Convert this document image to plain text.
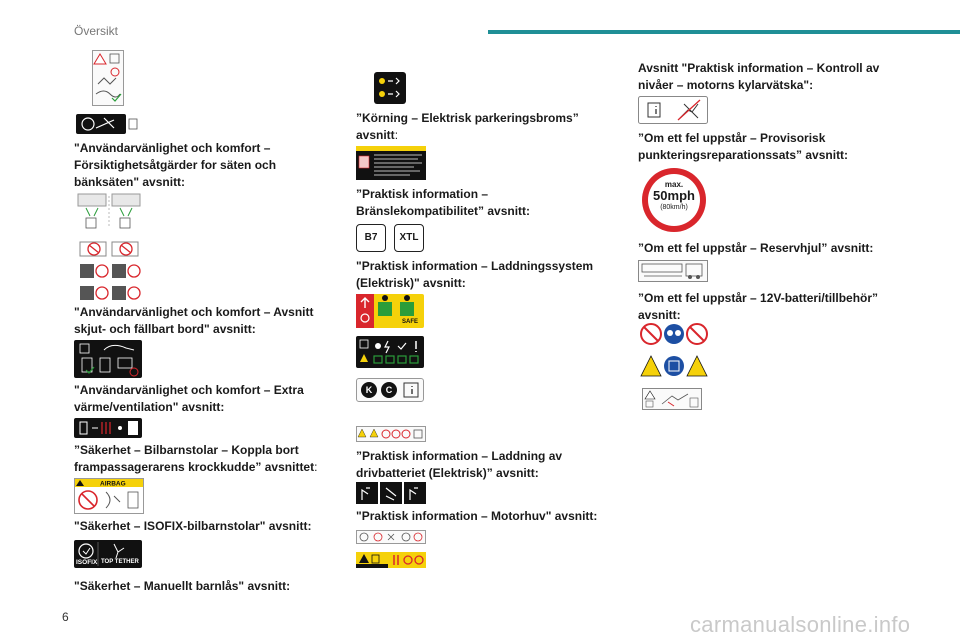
Översikt

"Användarvänlighet och komfort – Försiktighetsåtgärder for säten och bänksäten" avsnitt:

"Användarvänlighet och komfort – Avsnitt skjut- och fällbart bord" avsnitt:

"Användarvänlighet och komfort – Extra värme/ventilation" avsnitt:

”Säkerhet – Bilbarnstolar – Koppla bort frampassagerarens krockkudde” avsnittet:

AIRBAG

"Säkerhet – ISOFIX-bilbarnstolar" avsnitt:

ISOFIX TOP TETHER

"Säkerhet – Manuellt barnlås" avsnitt:

”Körning – Elektrisk parkeringsbroms” avsnitt:

”Praktisk information – Bränslekompatibilitet” avsnitt:

B7	XTL

"Praktisk information – Laddningssystem (Elektrisk)" avsnitt:

SAFE
K	C

”Praktisk information – Laddning av drivbatteriet (Elektrisk)” avsnitt:

"Praktisk information – Motorhuv" avsnitt:

Avsnitt "Praktisk information – Kontroll av nivåer – motorns kylarvätska":

”Om ett fel uppstår – Provisorisk punkteringsreparationssats” avsnitt:

max.
50mph
(80km/h)

”Om ett fel uppstår – Reservhjul” avsnitt:

”Om ett fel uppstår – 12V-batteri/tillbehör” avsnitt:

6	carmanualsonline.info
